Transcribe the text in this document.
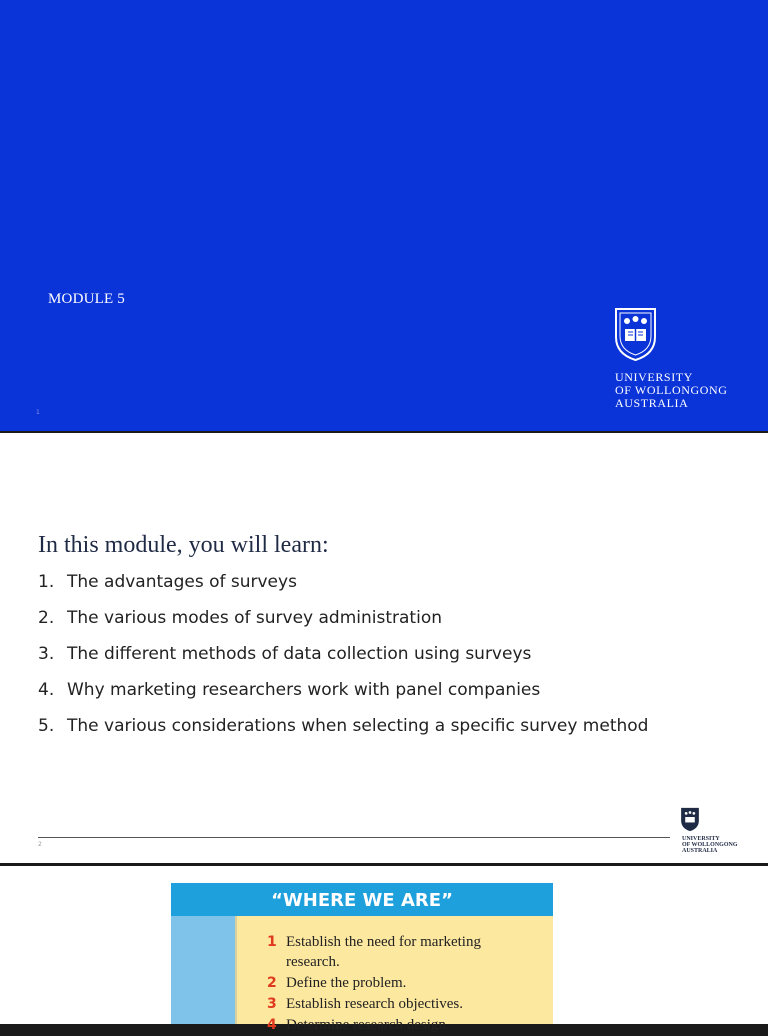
MODULE 5
1
UNIVERSITY
OF WOLLONGONG
AUSTRALIA
In this module, you will learn:
1. The advantages of surveys
2. The various modes of survey administration
3. The different methods of data collection using surveys
4. Why marketing researchers work with panel companies
5. The various considerations when selecting a specific survey method
2
UNIVERSITY
OF WOLLONGONG
AUSTRALIA
“WHERE WE ARE”
1 Establish the need for marketing research.
2 Define the problem.
3 Establish research objectives.
4 Determine research design.
